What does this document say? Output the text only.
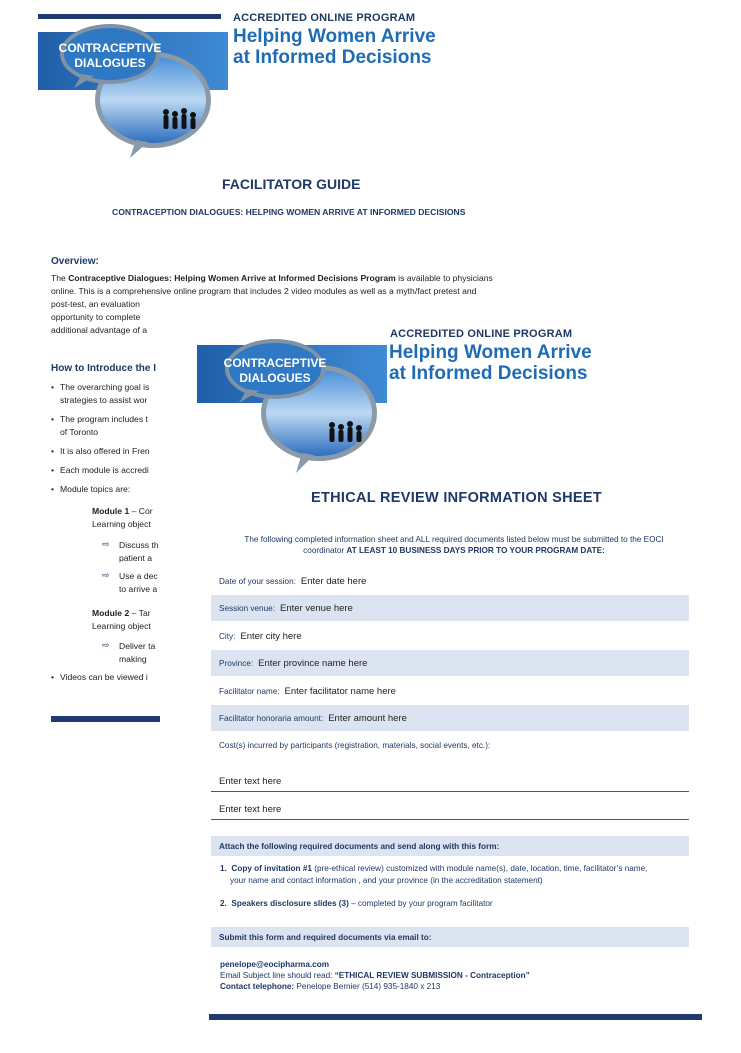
CONTRACEPTIVE
DIALOGUES
ACCREDITED ONLINE PROGRAM
Helping Women Arrive
at Informed Decisions
FACILITATOR GUIDE
CONTRACEPTION DIALOGUES: HELPING WOMEN ARRIVE AT INFORMED DECISIONS
Overview:
The Contraceptive Dialogues: Helping Women Arrive at Informed Decisions Program is available to physicians
online. This is a comprehensive online program that includes 2 video modules as well as a myth/fact pretest and
post-test, an evaluation
opportunity to complete
additional advantage of a
How to Introduce the I
• The overarching goal is
strategies to assist wor
• The program includes t
of Toronto
• It is also offered in Fren
• Each module is accredi
• Module topics are:
Module 1 – Cor
Learning object
⇨ Discuss th
patient a
⇨ Use a dec
to arrive a
Module 2 – Tar
Learning object
⇨ Deliver ta
making
• Videos can be viewed i
CONTRACEPTIVE
DIALOGUES
ACCREDITED ONLINE PROGRAM
Helping Women Arrive
at Informed Decisions
ETHICAL REVIEW INFORMATION SHEET
The following completed information sheet and ALL required documents listed below must be submitted to the EOCI
coordinator AT LEAST 10 BUSINESS DAYS PRIOR TO YOUR PROGRAM DATE:
Date of your session: Enter date here
Session venue: Enter venue here
City: Enter city here
Province: Enter province name here
Facilitator name: Enter facilitator name here
Facilitator honoraria amount: Enter amount here
Cost(s) incurred by participants (registration, materials, social events, etc.):
Enter text here
Enter text here
Attach the following required documents and send along with this form:
1. Copy of invitation #1 (pre-ethical review) customized with module name(s), date, location, time, facilitator’s name,
your name and contact information , and your province (in the accreditation statement)
2. Speakers disclosure slides (3) – completed by your program facilitator
Submit this form and required documents via email to:
penelope@eocipharma.com
Email Subject line should read: “ETHICAL REVIEW SUBMISSION - Contraception”
Contact telephone: Penelope Bernier (514) 935-1840 x 213
